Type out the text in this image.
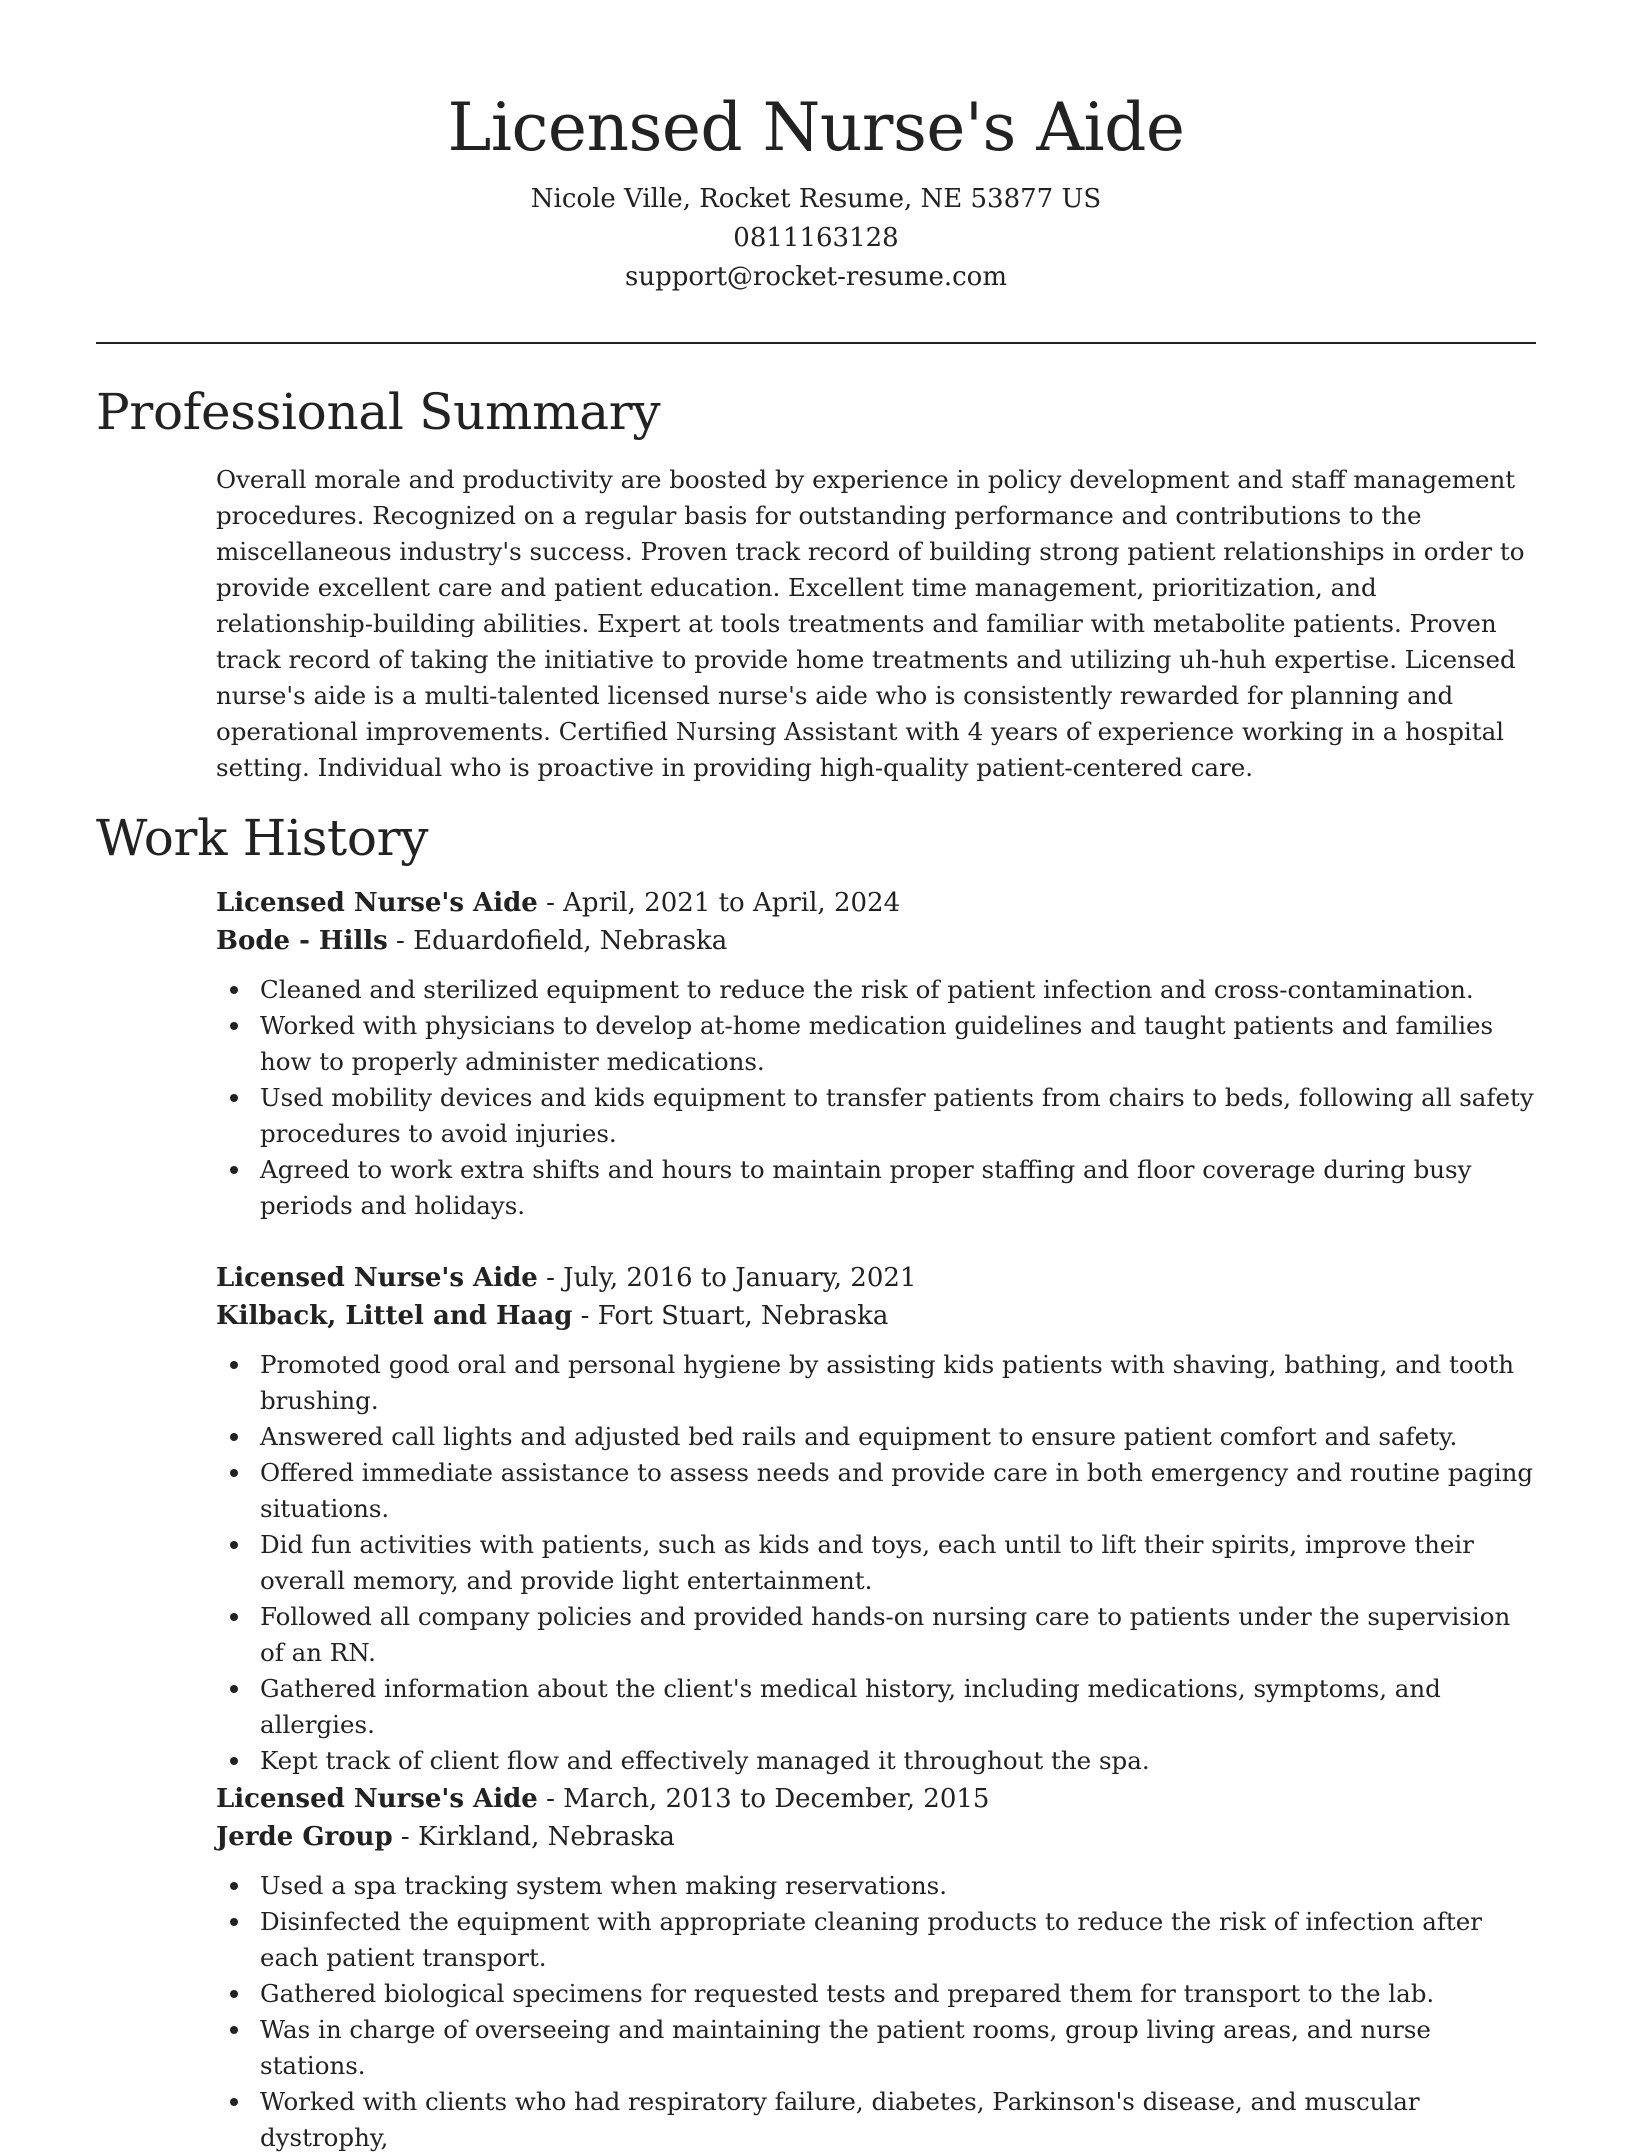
Licensed Nurse's Aide

Nicole Ville, Rocket Resume, NE 53877 US

0811163128

support@rocket-resume.com

Professional Summary

Overall morale and productivity are boosted by experience in policy development and staff management procedures. Recognized on a regular basis for outstanding performance and contributions to the miscellaneous industry's success. Proven track record of building strong patient relationships in order to provide excellent care and patient education. Excellent time management, prioritization, and relationship-building abilities. Expert at tools treatments and familiar with metabolite patients. Proven track record of taking the initiative to provide home treatments and utilizing uh-huh expertise. Licensed nurse's aide is a multi-talented licensed nurse's aide who is consistently rewarded for planning and operational improvements. Certified Nursing Assistant with 4 years of experience working in a hospital setting. Individual who is proactive in providing high-quality patient-centered care.

Work History

Licensed Nurse's Aide - April, 2021 to April, 2024

Bode - Hills - Eduardofield, Nebraska

Cleaned and sterilized equipment to reduce the risk of patient infection and cross-contamination.
Worked with physicians to develop at-home medication guidelines and taught patients and families how to properly administer medications.
Used mobility devices and kids equipment to transfer patients from chairs to beds, following all safety procedures to avoid injuries.
Agreed to work extra shifts and hours to maintain proper staffing and floor coverage during busy periods and holidays.

Licensed Nurse's Aide - July, 2016 to January, 2021

Kilback, Littel and Haag - Fort Stuart, Nebraska

Promoted good oral and personal hygiene by assisting kids patients with shaving, bathing, and tooth brushing.
Answered call lights and adjusted bed rails and equipment to ensure patient comfort and safety.
Offered immediate assistance to assess needs and provide care in both emergency and routine paging situations.
Did fun activities with patients, such as kids and toys, each until to lift their spirits, improve their overall memory, and provide light entertainment.
Followed all company policies and provided hands-on nursing care to patients under the supervision of an RN.
Gathered information about the client's medical history, including medications, symptoms, and allergies.
Kept track of client flow and effectively managed it throughout the spa.

Licensed Nurse's Aide - March, 2013 to December, 2015

Jerde Group - Kirkland, Nebraska

Used a spa tracking system when making reservations.
Disinfected the equipment with appropriate cleaning products to reduce the risk of infection after each patient transport.
Gathered biological specimens for requested tests and prepared them for transport to the lab.
Was in charge of overseeing and maintaining the patient rooms, group living areas, and nurse stations.
Worked with clients who had respiratory failure, diabetes, Parkinson's disease, and muscular dystrophy,
